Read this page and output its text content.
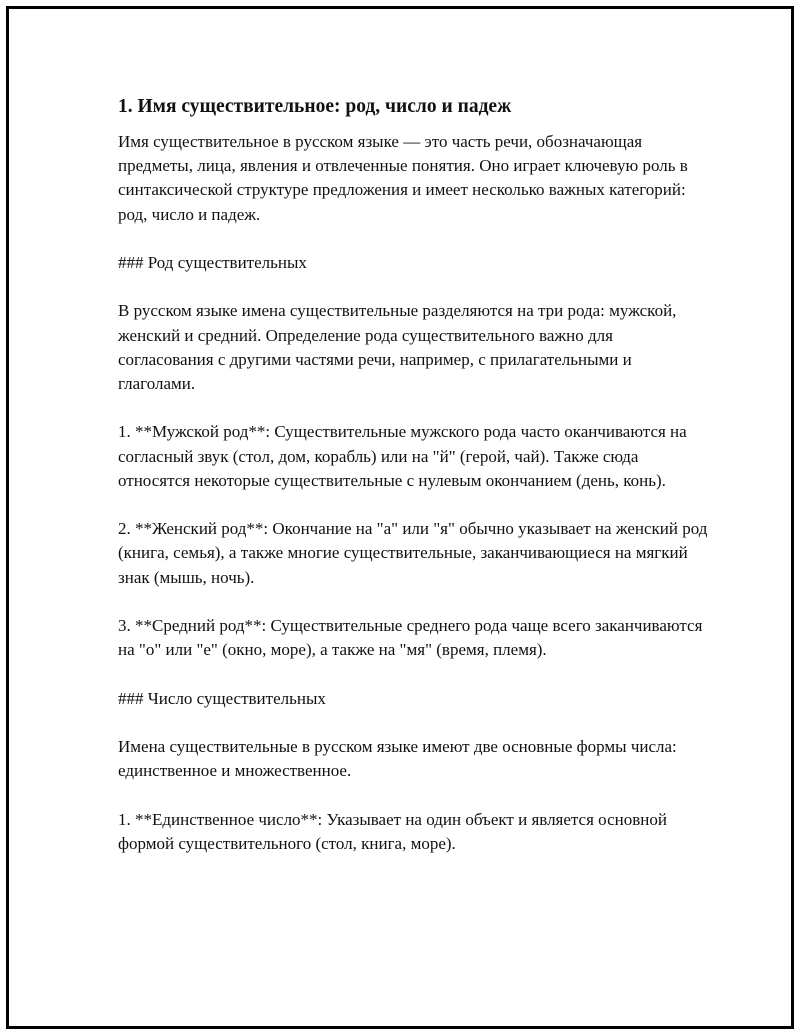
1. Имя существительное: род, число и падеж

Имя существительное в русском языке — это часть речи, обозначающая предметы, лица, явления и отвлеченные понятия. Оно играет ключевую роль в синтаксической структуре предложения и имеет несколько важных категорий: род, число и падеж.

### Род существительных

В русском языке имена существительные разделяются на три рода: мужской, женский и средний. Определение рода существительного важно для согласования с другими частями речи, например, с прилагательными и глаголами.

1. **Мужской род**: Существительные мужского рода часто оканчиваются на согласный звук (стол, дом, корабль) или на "й" (герой, чай). Также сюда относятся некоторые существительные с нулевым окончанием (день, конь).

2. **Женский род**: Окончание на "а" или "я" обычно указывает на женский род (книга, семья), а также многие существительные, заканчивающиеся на мягкий знак (мышь, ночь).

3. **Средний род**: Существительные среднего рода чаще всего заканчиваются на "о" или "е" (окно, море), а также на "мя" (время, племя).

### Число существительных

Имена существительные в русском языке имеют две основные формы числа: единственное и множественное.

1. **Единственное число**: Указывает на один объект и является основной формой существительного (стол, книга, море).
